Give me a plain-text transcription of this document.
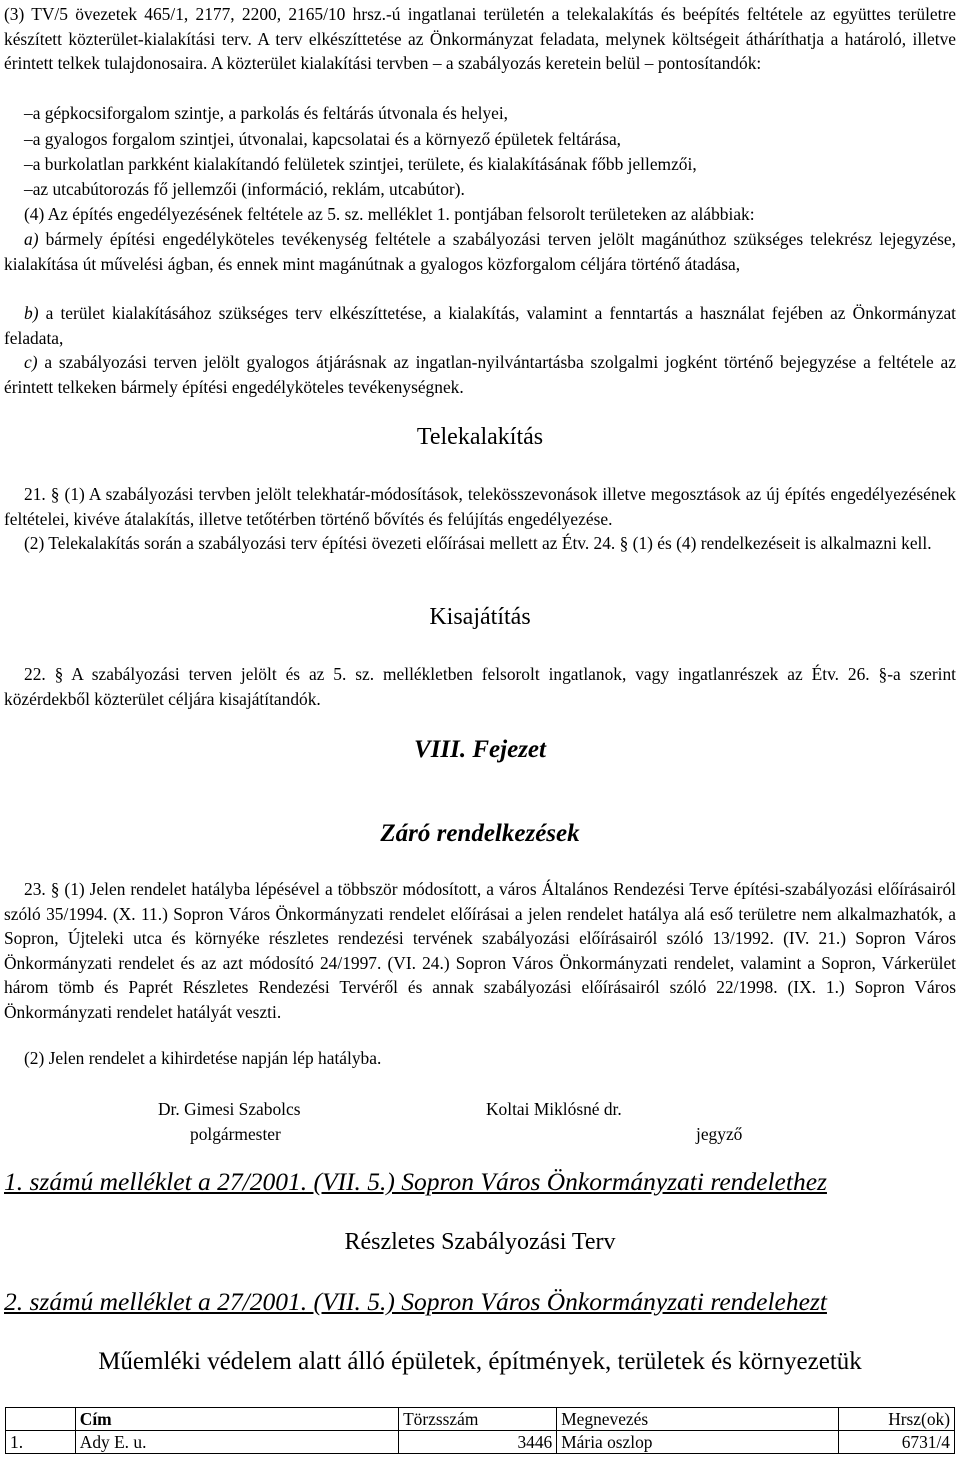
(3) TV/5 övezetek 465/1, 2177, 2200, 2165/10 hrsz.-ú ingatlanai területén a telekalakítás és beépítés feltétele az együttes területre készített közterület-kialakítási terv. A terv elkészíttetése az Önkormányzat feladata, melynek költségeit átháríthatja a határoló, illetve érintett telkek tulajdonosaira. A közterület kialakítási tervben ‒ a szabályozás keretein belül ‒ pontosítandók:

‒a gépkocsiforgalom szintje, a parkolás és feltárás útvonala és helyei,

‒a gyalogos forgalom szintjei, útvonalai, kapcsolatai és a környező épületek feltárása,

‒a burkolatlan parkként kialakítandó felületek szintjei, területe, és kialakításának főbb jellemzői,

‒az utcabútorozás fő jellemzői (információ, reklám, utcabútor).

(4) Az építés engedélyezésének feltétele az 5. sz. melléklet 1. pontjában felsorolt területeken az alábbiak:

a) bármely építési engedélyköteles tevékenység feltétele a szabályozási terven jelölt magánúthoz szükséges telekrész lejegyzése, kialakítása út művelési ágban, és ennek mint magánútnak a gyalogos közforgalom céljára történő átadása,

b) a terület kialakításához szükséges terv elkészíttetése, a kialakítás, valamint a fenntartás a használat fejében az Önkormányzat feladata,

c) a szabályozási terven jelölt gyalogos átjárásnak az ingatlan-nyilvántartásba szolgalmi jogként történő bejegyzése a feltétele az érintett telkeken bármely építési engedélyköteles tevékenységnek.

Telekalakítás

21. § (1) A szabályozási tervben jelölt telekhatár-módosítások, telekösszevonások illetve megosztások az új építés engedélyezésének feltételei, kivéve átalakítás, illetve tetőtérben történő bővítés és felújítás engedélyezése.

(2) Telekalakítás során a szabályozási terv építési övezeti előírásai mellett az Étv. 24. § (1) és (4) rendelkezéseit is alkalmazni kell.

Kisajátítás

22. § A szabályozási terven jelölt és az 5. sz. mellékletben felsorolt ingatlanok, vagy ingatlanrészek az Étv. 26. §-a szerint közérdekből közterület céljára kisajátítandók.

VIII. Fejezet
Záró rendelkezések

23. § (1) Jelen rendelet hatályba lépésével a többször módosított, a város Általános Rendezési Terve építési-szabályozási előírásairól szóló 35/1994. (X. 11.) Sopron Város Önkormányzati rendelet előírásai a jelen rendelet hatálya alá eső területre nem alkalmazhatók, a Sopron, Újteleki utca és környéke részletes rendezési tervének szabályozási előírásairól szóló 13/1992. (IV. 21.) Sopron Város Önkormányzati rendelet és az azt módosító 24/1997. (VI. 24.) Sopron Város Önkormányzati rendelet, valamint a Sopron, Várkerület három tömb és Paprét Részletes Rendezési Tervéről és annak szabályozási előírásairól szóló 22/1998. (IX. 1.) Sopron Város Önkormányzati rendelet hatályát veszti.

(2) Jelen rendelet a kihirdetése napján lép hatályba.

Dr. Gimesi Szabolcs
polgármester
Koltai Miklósné dr.
jegyző

1. számú melléklet a 27/2001. (VII. 5.) Sopron Város Önkormányzati rendelethez

Részletes Szabályozási Terv

2. számú melléklet a 27/2001. (VII. 5.) Sopron Város Önkormányzati rendelehezt

Műemléki védelem alatt álló épületek, építmények, területek és környezetük

	Cím	Törzsszám	Megnevezés	Hrsz(ok)
1.	Ady E. u.	3446	Mária oszlop	6731/4
